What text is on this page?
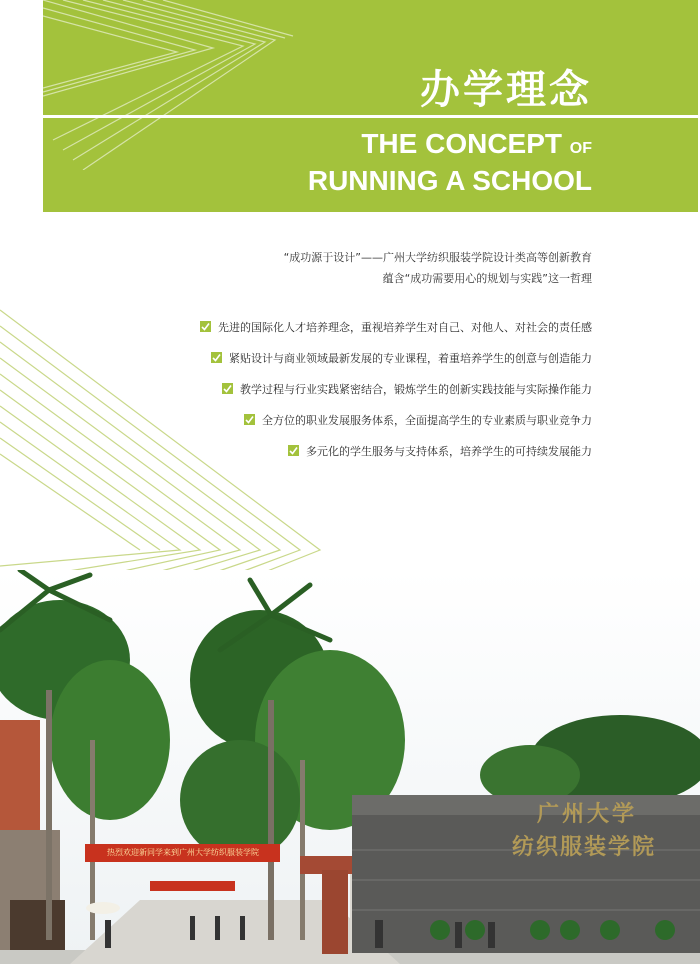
办学理念
THE CONCEPT OF
RUNNING A SCHOOL
“成功源于设计”——广州大学纺织服装学院设计类高等创新教育
蕴含“成功需要用心的规划与实践”这一哲理
先进的国际化人才培养理念，重视培养学生对自己、对他人、对社会的责任感
紧贴设计与商业领域最新发展的专业课程，着重培养学生的创意与创造能力
教学过程与行业实践紧密结合，锻炼学生的创新实践技能与实际操作能力
全方位的职业发展服务体系，全面提高学生的专业素质与职业竞争力
多元化的学生服务与支持体系，培养学生的可持续发展能力
热烈欢迎新同学来到广州大学纺织服装学院
广州大学
纺织服装学院
